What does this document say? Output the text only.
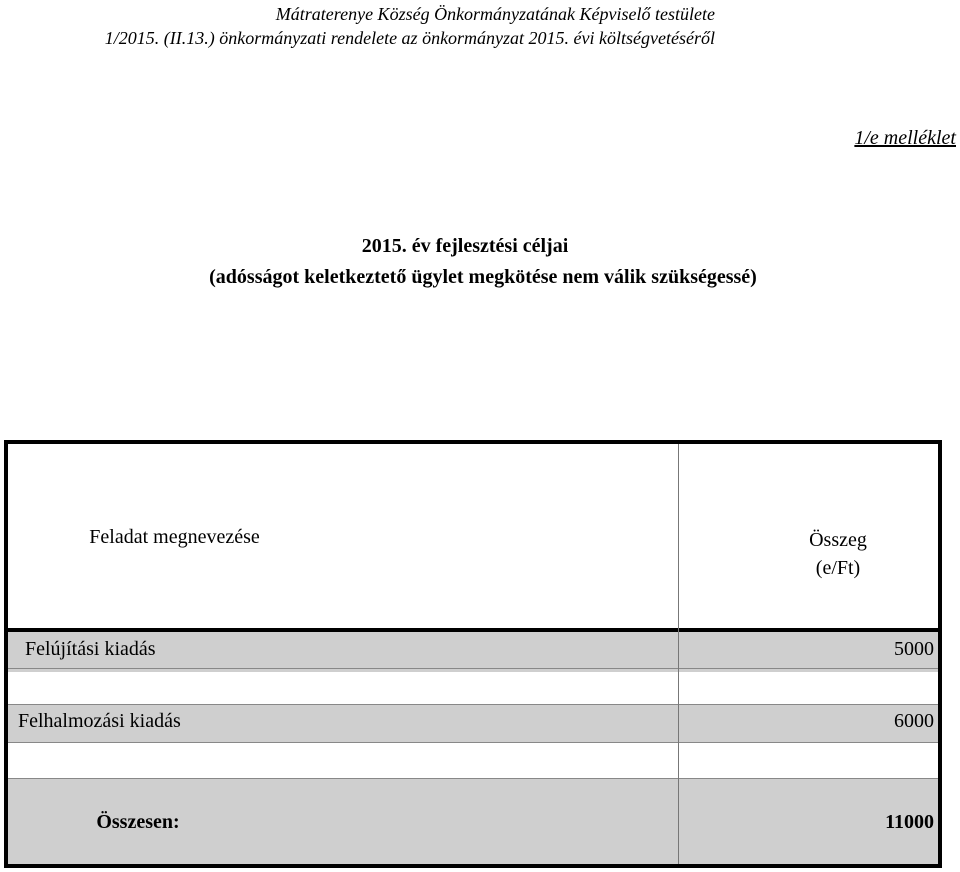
Mátraterenye Község Önkormányzatának Képviselő testülete
1/2015. (II.13.) önkormányzati rendelete az önkormányzat 2015. évi költségvetéséről
1/e melléklet
2015. év fejlesztési céljai
(adósságot keletkeztető ügylet megkötése nem válik szükségessé)
Feladat megnevezése	Összeg
(e/Ft)
Felújítási kiadás	5000
Felhalmozási kiadás	6000
Összesen:	11000
